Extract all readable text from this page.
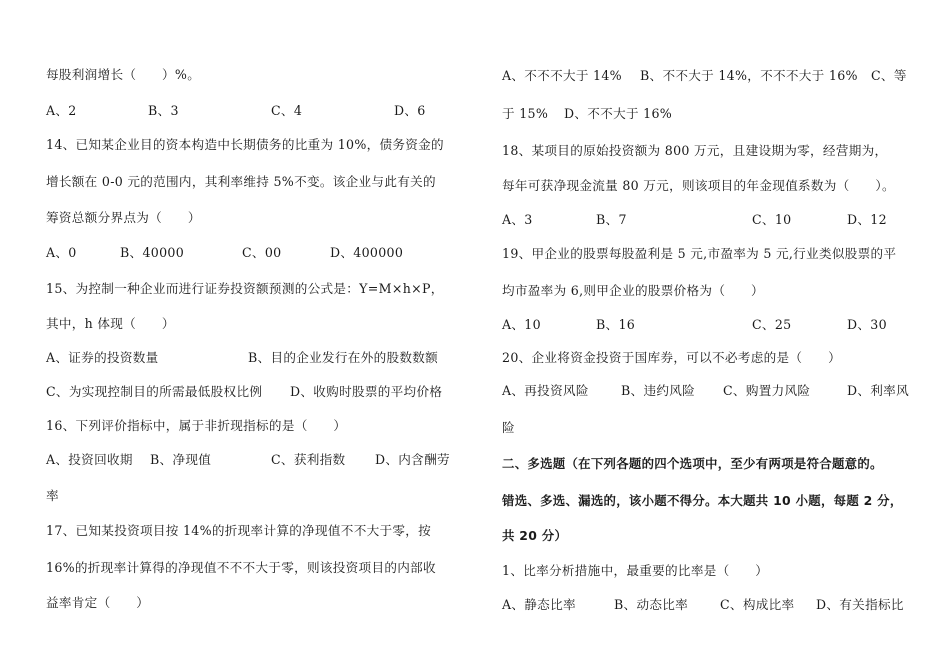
每股利润增长（　　）%。
A、2	B、3	C、4	D、6
14、已知某企业目的资本构造中长期债务的比重为 10%，债务资金的
增长额在 0-0 元的范围内，其利率维持 5%不变。该企业与此有关的
筹资总额分界点为（　　）
A、0	B、40000	C、00	D、400000
15、为控制一种企业而进行证券投资额预测的公式是：Y=M×h×P，
其中，h 体现（　　）
A、证券的投资数量	B、目的企业发行在外的股数数额
C、为实现控制目的所需最低股权比例 D、收购时股票的平均价格
16、下列评价指标中，属于非折现指标的是（　　）
A、投资回收期 B、净现值	C、获利指数 D、内含酬劳
率
17、已知某投资项目按 14%的折现率计算的净现值不不大于零，按
16%的折现率计算得的净现值不不不大于零，则该投资项目的内部收
益率肯定（　　）
A、不不不大于 14% B、不不大于 14%，不不不大于 16% C、等
于 15% D、不不大于 16%
18、某项目的原始投资额为 800 万元，且建设期为零，经营期为，
每年可获净现金流量 80 万元，则该项目的年金现值系数为（　　）。
A、3	B、7	C、10	D、12
19、甲企业的股票每股盈利是 5 元,市盈率为 5 元,行业类似股票的平
均市盈率为 6,则甲企业的股票价格为（　　）
A、10	B、16	C、25	D、30
20、企业将资金投资于国库券，可以不必考虑的是（　　）
A、再投资风险	B、违约风险 C、购置力风险	D、利率风
险
二、多选题（在下列各题的四个选项中，至少有两项是符合题意的。
错选、多选、漏选的，该小题不得分。本大题共 10 小题，每题 2 分，
共 20 分）
1、比率分析措施中，最重要的比率是（　　）
A、静态比率	B、动态比率	C、构成比率 D、有关指标比
